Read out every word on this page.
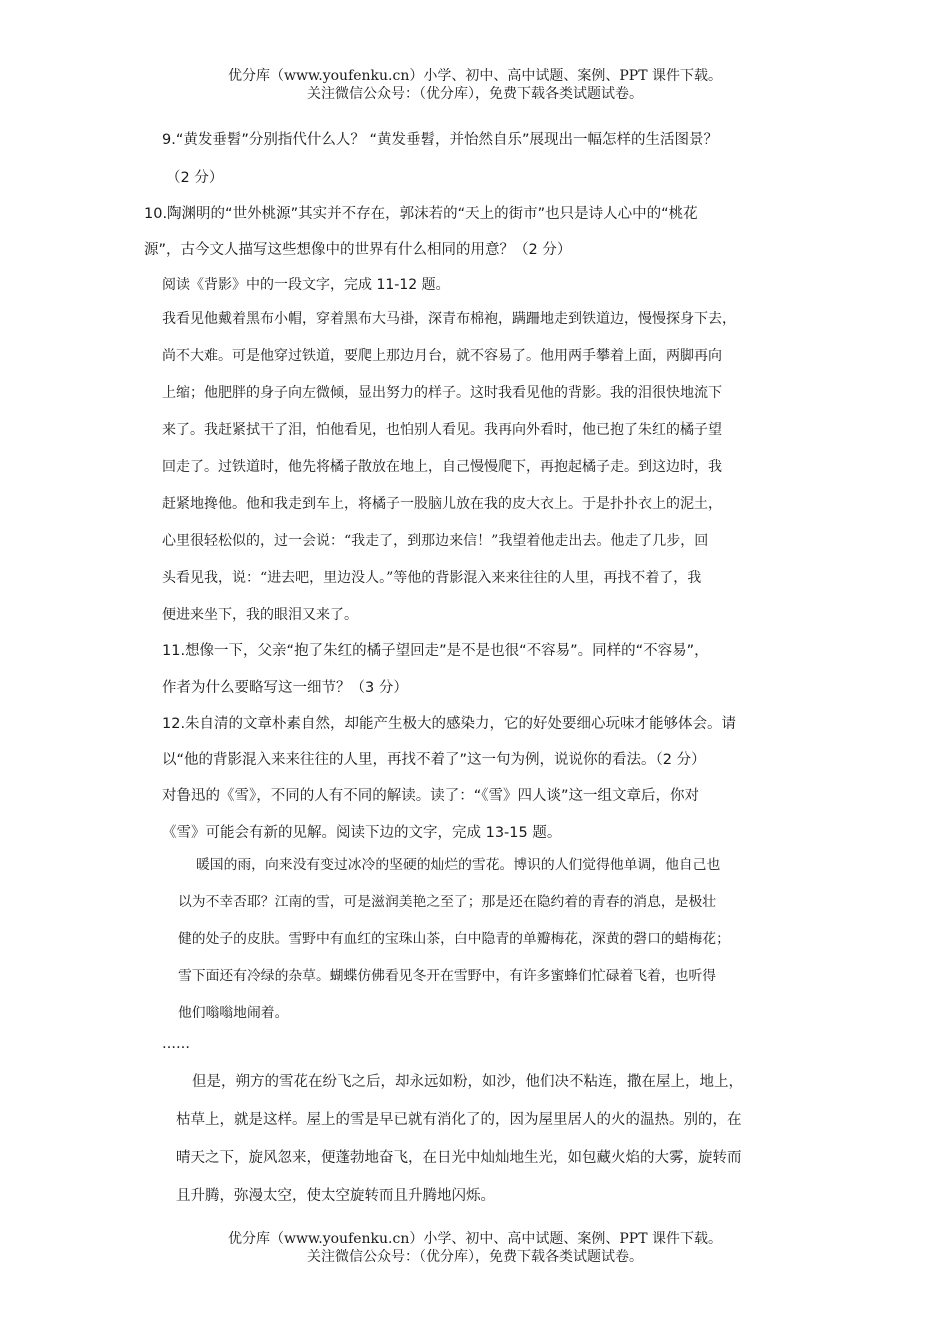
优分库（www.youfenku.cn）小学、初中、高中试题、案例、PPT 课件下载。
关注微信公众号：（优分库），免费下载各类试题试卷。
9.“黄发垂髫”分别指代什么人？ “黄发垂髫，并怡然自乐”展现出一幅怎样的生活图景？
（2 分）
10.陶渊明的“世外桃源”其实并不存在，郭沫若的“天上的街市”也只是诗人心中的“桃花
源”，古今文人描写这些想像中的世界有什么相同的用意？（2 分）
阅读《背影》中的一段文字，完成 11-12 题。
我看见他戴着黑布小帽，穿着黑布大马褂，深青布棉袍，蹒跚地走到铁道边，慢慢探身下去，
尚不大难。可是他穿过铁道，要爬上那边月台，就不容易了。他用两手攀着上面，两脚再向
上缩；他肥胖的身子向左微倾，显出努力的样子。这时我看见他的背影。我的泪很快地流下
来了。我赶紧拭干了泪，怕他看见，也怕别人看见。我再向外看时，他已抱了朱红的橘子望
回走了。过铁道时，他先将橘子散放在地上，自己慢慢爬下，再抱起橘子走。到这边时，我
赶紧地搀他。他和我走到车上，将橘子一股脑儿放在我的皮大衣上。于是扑扑衣上的泥土，
心里很轻松似的，过一会说：“我走了，到那边来信！”我望着他走出去。他走了几步，回
头看见我，说：“进去吧，里边没人。”等他的背影混入来来往往的人里，再找不着了，我
便进来坐下，我的眼泪又来了。
11.想像一下，父亲“抱了朱红的橘子望回走”是不是也很“不容易”。同样的“不容易”，
作者为什么要略写这一细节？（3 分）
12.朱自清的文章朴素自然，却能产生极大的感染力，它的好处要细心玩味才能够体会。请
以“他的背影混入来来往往的人里，再找不着了”这一句为例，说说你的看法。（2 分）
对鲁迅的《雪》，不同的人有不同的解读。读了：“《雪》四人谈”这一组文章后，你对
《雪》可能会有新的见解。阅读下边的文字，完成 13-15 题。
暖国的雨，向来没有变过冰冷的坚硬的灿烂的雪花。博识的人们觉得他单调，他自己也
以为不幸否耶？江南的雪，可是滋润美艳之至了；那是还在隐约着的青春的消息，是极壮
健的处子的皮肤。雪野中有血红的宝珠山茶，白中隐青的单瓣梅花，深黄的磬口的蜡梅花；
雪下面还有冷绿的杂草。蝴蝶仿佛看见冬开在雪野中，有许多蜜蜂们忙碌着飞着，也听得
他们嗡嗡地闹着。
……
但是，朔方的雪花在纷飞之后，却永远如粉，如沙，他们决不粘连，撒在屋上，地上，
枯草上，就是这样。屋上的雪是早已就有消化了的，因为屋里居人的火的温热。别的，在
晴天之下，旋风忽来，便蓬勃地奋飞，在日光中灿灿地生光，如包藏火焰的大雾，旋转而
且升腾，弥漫太空，使太空旋转而且升腾地闪烁。
优分库（www.youfenku.cn）小学、初中、高中试题、案例、PPT 课件下载。
关注微信公众号：（优分库），免费下载各类试题试卷。
